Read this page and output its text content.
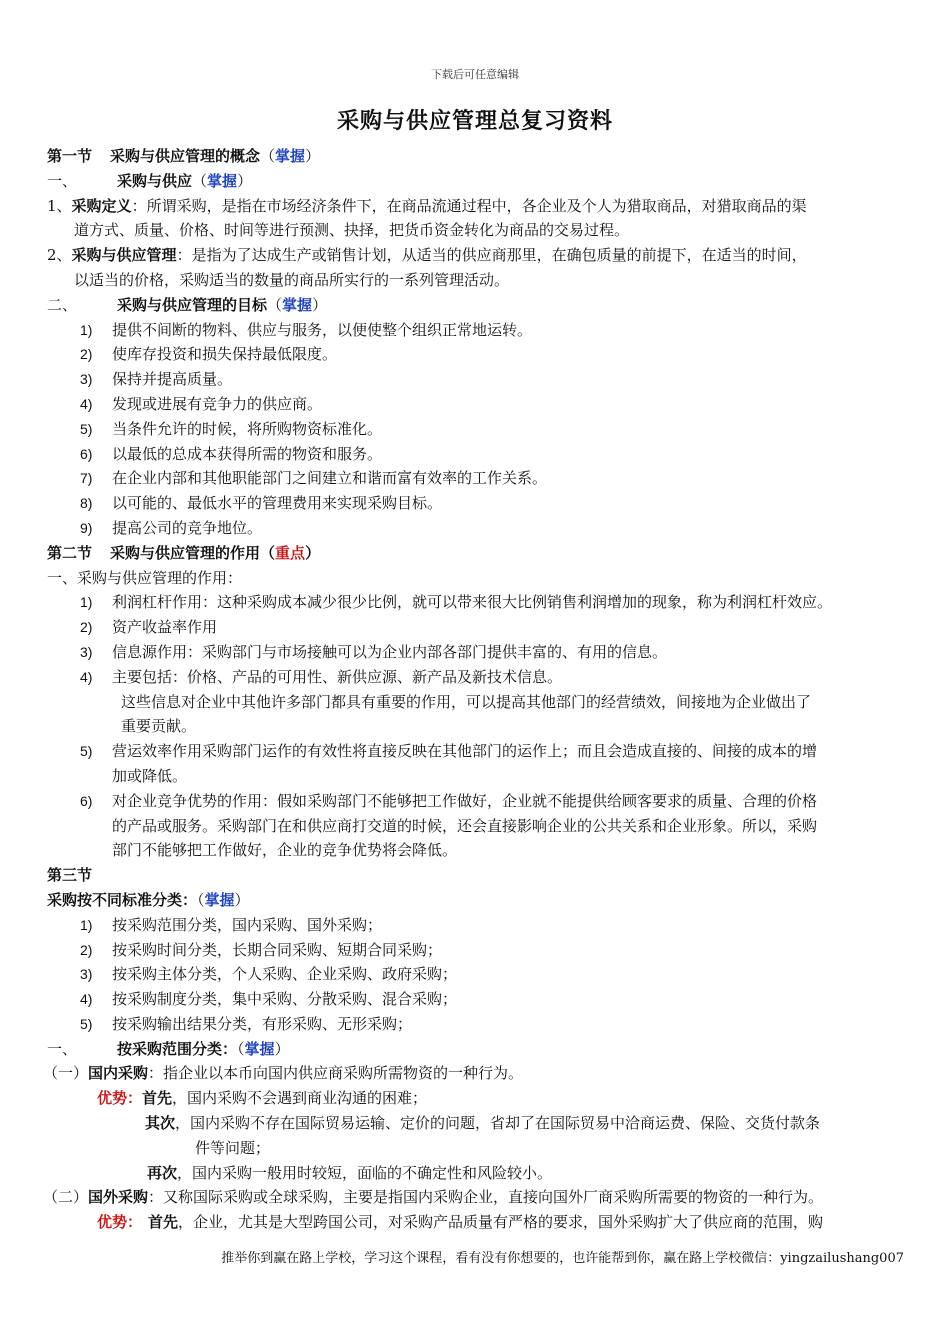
下载后可任意编辑
采购与供应管理总复习资料
第一节 采购与供应管理的概念（掌握）
一、	采购与供应（掌握）
1、采购定义：所谓采购，是指在市场经济条件下，在商品流通过程中，各企业及个人为猎取商品，对猎取商品的渠
道方式、质量、价格、时间等进行预测、抉择，把货币资金转化为商品的交易过程。
2、采购与供应管理：是指为了达成生产或销售计划，从适当的供应商那里，在确包质量的前提下，在适当的时间，
以适当的价格，采购适当的数量的商品所实行的一系列管理活动。
二、	采购与供应管理的目标（掌握）
1) 提供不间断的物料、供应与服务，以便使整个组织正常地运转。
2) 使库存投资和损失保持最低限度。
3) 保持并提高质量。
4) 发现或进展有竞争力的供应商。
5) 当条件允许的时候，将所购物资标准化。
6) 以最低的总成本获得所需的物资和服务。
7) 在企业内部和其他职能部门之间建立和谐而富有效率的工作关系。
8) 以可能的、最低水平的管理费用来实现采购目标。
9) 提高公司的竞争地位。
第二节 采购与供应管理的作用（重点）
一、采购与供应管理的作用：
1) 利润杠杆作用：这种采购成本减少很少比例，就可以带来很大比例销售利润增加的现象，称为利润杠杆效应。
2) 资产收益率作用
3) 信息源作用：采购部门与市场接触可以为企业内部各部门提供丰富的、有用的信息。
4) 主要包括：价格、产品的可用性、新供应源、新产品及新技术信息。
这些信息对企业中其他许多部门都具有重要的作用，可以提高其他部门的经营绩效，间接地为企业做出了
重要贡献。
5) 营运效率作用采购部门运作的有效性将直接反映在其他部门的运作上；而且会造成直接的、间接的成本的增
加或降低。
6) 对企业竞争优势的作用：假如采购部门不能够把工作做好，企业就不能提供给顾客要求的质量、合理的价格
的产品或服务。采购部门在和供应商打交道的时候，还会直接影响企业的公共关系和企业形象。所以，采购
部门不能够把工作做好，企业的竞争优势将会降低。
第三节
采购按不同标准分类：（掌握）
1) 按采购范围分类，国内采购、国外采购；
2) 按采购时间分类，长期合同采购、短期合同采购；
3) 按采购主体分类，个人采购、企业采购、政府采购；
4) 按采购制度分类，集中采购、分散采购、混合采购；
5) 按采购输出结果分类，有形采购、无形采购；
一、	按采购范围分类：（掌握）
（一）国内采购：指企业以本币向国内供应商采购所需物资的一种行为。
优势：首先，国内采购不会遇到商业沟通的困难；
其次，国内采购不存在国际贸易运输、定价的问题，省却了在国际贸易中洽商运费、保险、交货付款条
件等问题；
再次，国内采购一般用时较短，面临的不确定性和风险较小。
（二）国外采购：又称国际采购或全球采购，主要是指国内采购企业，直接向国外厂商采购所需要的物资的一种行为。
优势： 首先，企业，尤其是大型跨国公司，对采购产品质量有严格的要求，国外采购扩大了供应商的范围，购
推举你到赢在路上学校，学习这个课程，看有没有你想要的，也许能帮到你，赢在路上学校微信：yingzailushang007
